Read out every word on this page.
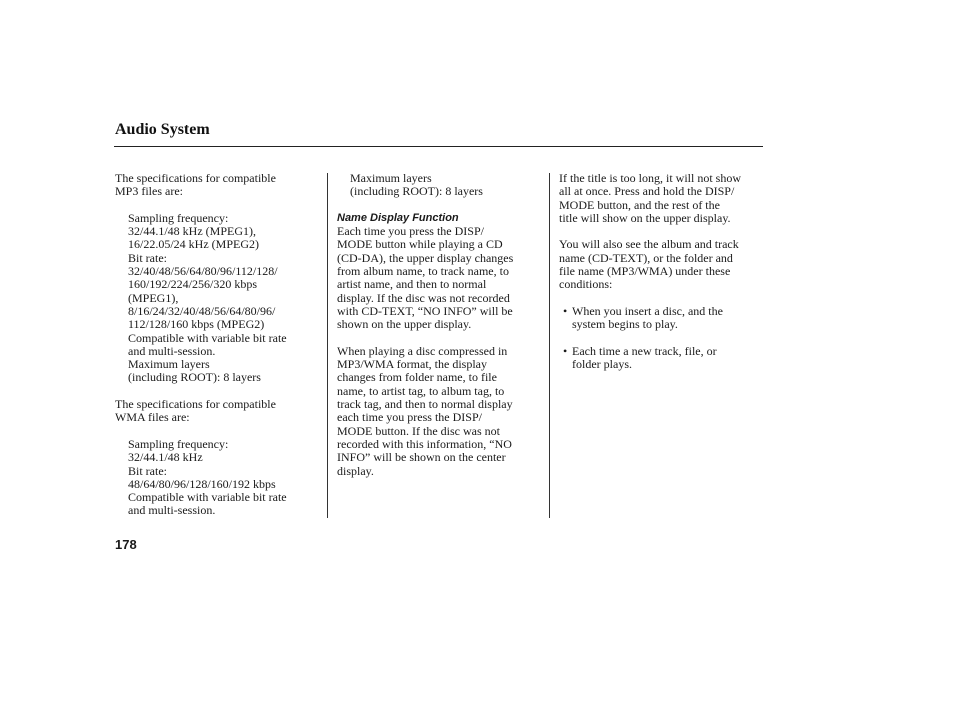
Audio System

The specifications for compatible

MP3 files are:

Sampling frequency:

32/44.1/48 kHz (MPEG1),

16/22.05/24 kHz (MPEG2)

Bit rate:

32/40/48/56/64/80/96/112/128/

160/192/224/256/320 kbps

(MPEG1),

8/16/24/32/40/48/56/64/80/96/

112/128/160 kbps (MPEG2)

Compatible with variable bit rate

and multi-session.

Maximum layers

(including ROOT): 8 layers

The specifications for compatible

WMA files are:

Sampling frequency:

32/44.1/48 kHz

Bit rate:

48/64/80/96/128/160/192 kbps

Compatible with variable bit rate

and multi-session.

Maximum layers

(including ROOT): 8 layers

Name Display Function

Each time you press the DISP/

MODE button while playing a CD

(CD-DA), the upper display changes

from album name, to track name, to

artist name, and then to normal

display. If the disc was not recorded

with CD-TEXT, “NO INFO” will be

shown on the upper display.

When playing a disc compressed in

MP3/WMA format, the display

changes from folder name, to file

name, to artist tag, to album tag, to

track tag, and then to normal display

each time you press the DISP/

MODE button. If the disc was not

recorded with this information, “NO

INFO” will be shown on the center

display.

If the title is too long, it will not show

all at once. Press and hold the DISP/

MODE button, and the rest of the

title will show on the upper display.

You will also see the album and track

name (CD-TEXT), or the folder and

file name (MP3/WMA) under these

conditions:

• When you insert a disc, and the

system begins to play.

• Each time a new track, file, or

folder plays.

178
